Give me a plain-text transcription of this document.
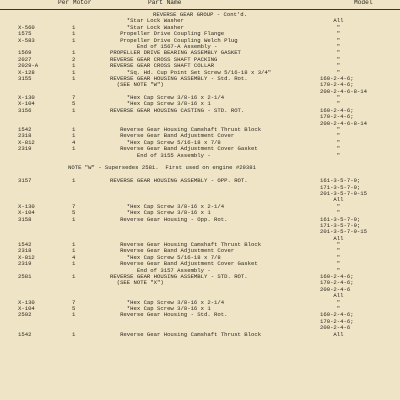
Per Motor	Part Name	Model
REVERSE GEAR GROUP - Cont'd.
*Star Lock Washer	All
X-560	1	*Star Lock Washer	"
1575	1	Propeller Drive Coupling Flange	"
X-583	1	Propeller Drive Coupling Welch Plug	"
End of 1567-A Assembly -	"
1569	1	PROPELLER DRIVE BEARING ASSEMBLY GASKET	"
2027	2	REVERSE GEAR CROSS SHAFT PACKING	"
2029-A	1	REVERSE GEAR CROSS SHAFT COLLAR	"
X-128	1	*Sq. Hd. Cup Point Set Screw 5/16-18 x 3/4"	"
3155	1	REVERSE GEAR HOUSING ASSEMBLY - Std. Rot.	160-2-4-6;
(SEE NOTE "W")	170-2-4-6;
200-2-4-6-8-14
X-130	7	*Hex Cap Screw 3/8-16 x 2-1/4	"
X-104	5	*Hex Cap Screw 3/8-16 x 1	"
3156	1	REVERSE GEAR HOUSING CASTING - STD. ROT.	160-2-4-6;
170-2-4-6;
200-2-4-6-8-14
1542	1	Reverse Gear Housing Camshaft Thrust Block	"
2318	1	Reverse Gear Band Adjustment Cover	"
X-812	4	*Hex Cap Screw 5/16-18 x 7/8	"
2319	1	Reverse Gear Band Adjustment Cover Gasket	"
End of 3155 Assembly -	"
NOTE "W" - Supersedes 2581.  First used on engine #29381
3157	1	REVERSE GEAR HOUSING ASSEMBLY - OPP. ROT.	161-3-5-7-9;
171-3-5-7-9;
201-3-5-7-9-15
All
X-130	7	*Hex Cap Screw 3/8-16 x 2-1/4	"
X-104	5	*Hex Cap Screw 3/8-16 x 1	"
3158	1	Reverse Gear Housing - Opp. Rot.	161-3-5-7-9;
171-3-5-7-9;
201-3-5-7-9-15
All
1542	1	Reverse Gear Housing Camshaft Thrust Block	"
2318	1	Reverse Gear Band Adjustment Cover	"
X-812	4	*Hex Cap Screw 5/16-18 x 7/8	"
2319	1	Reverse Gear Band Adjustment Cover Gasket	"
End of 3157 Assembly -	"
2581	1	REVERSE GEAR HOUSING ASSEMBLY - STD. ROT.	160-2-4-6;
(SEE NOTE "X")	170-2-4-6;
200-2-4-6
All
X-130	7	*Hex Cap Screw 3/8-16 x 2-1/4	"
X-104	5	*Hex Cap Screw 3/8-16 x 1	"
2502	1	Reverse Gear Housing - Std. Rot.	160-2-4-6;
170-2-4-6;
200-2-4-6
1542	1	Reverse Gear Housing Camshaft Thrust Block	All
